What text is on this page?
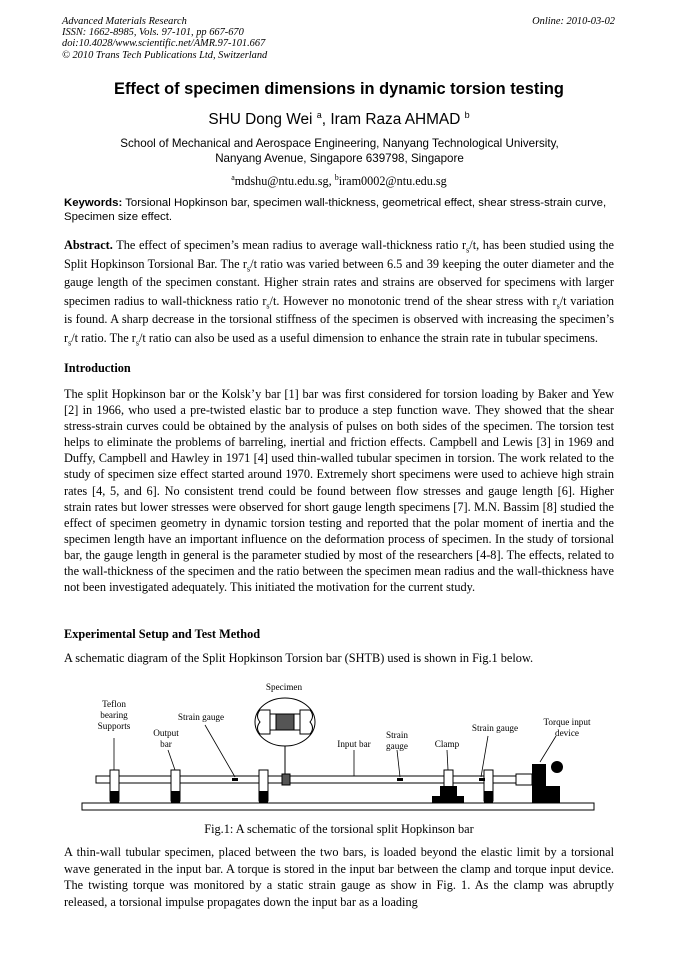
Advanced Materials Research
ISSN: 1662-8985, Vols. 97-101, pp 667-670
doi:10.4028/www.scientific.net/AMR.97-101.667
© 2010 Trans Tech Publications Ltd, Switzerland
Online: 2010-03-02
Effect of specimen dimensions in dynamic torsion testing
SHU Dong Wei $^a$, Iram Raza AHMAD $^b$
School of Mechanical and Aerospace Engineering, Nanyang Technological University,
Nanyang Avenue, Singapore 639798, Singapore
$^a$mdshu@ntu.edu.sg, $^b$iram0002@ntu.edu.sg
Keywords: Torsional Hopkinson bar, specimen wall-thickness, geometrical effect, shear stress-strain curve, Specimen size effect.

Abstract. The effect of specimen’s mean radius to average wall-thickness ratio $r_s/t$, has been studied using the Split Hopkinson Torsional Bar. The $r_s/t$ ratio was varied between 6.5 and 39 keeping the outer diameter and the gauge length of the specimen constant. Higher strain rates and strains are observed for specimens with larger specimen radius to wall-thickness ratio $r_s/t$. However no monotonic trend of the shear stress with $r_s/t$ variation is found. A sharp decrease in the torsional stiffness of the specimen is observed with increasing the specimen’s $r_s/t$ ratio. The $r_s/t$ ratio can also be used as a useful dimension to enhance the strain rate in tubular specimens.

Introduction

The split Hopkinson bar or the Kolsk’y bar [1] bar was first considered for torsion loading by Baker and Yew [2] in 1966, who used a pre-twisted elastic bar to produce a step function wave. They showed that the shear stress-strain curves could be obtained by the analysis of pulses on both sides of the specimen. The torsion test helps to eliminate the problems of barreling, inertial and friction effects. Campbell and Lewis [3] in 1969 and Duffy, Campbell and Hawley in 1971 [4] used thin-walled tubular specimen in torsion. The work related to the study of specimen size effect started around 1970. Extremely short specimens were used to achieve high strain rates [4, 5, and 6]. No consistent trend could be found between flow stresses and gauge length [6]. Higher strain rates but lower stresses were observed for short gauge length specimens [7]. M.N. Bassim [8] studied the effect of specimen geometry in dynamic torsion testing and reported that the polar moment of inertia and the specimen length have an important influence on the deformation process of specimen. In the study of torsional bar, the gauge length in general is the parameter studied by most of the researchers [4-8]. The effects, related to the wall-thickness of the specimen and the ratio between the specimen mean radius and the wall-thickness have not been investigated adequately. This initiated the motivation for the current study.

Experimental Setup and Test Method

A schematic diagram of the Split Hopkinson Torsion bar (SHTB) used is shown in Fig.1 below.

Specimen
Teflon
bearing
Supports
Strain gauge
Output
bar	Input bar
Strain
gauge	Clamp
Strain gauge
Torque input
device
Fig.1: A schematic of the torsional split Hopkinson bar

A thin-wall tubular specimen, placed between the two bars, is loaded beyond the elastic limit by a torsional wave generated in the input bar. A torque is stored in the input bar between the clamp and torque input device. The twisting torque was monitored by a static strain gauge as show in Fig. 1. As the clamp was abruptly released, a torsional impulse propagates down the input bar as a loading
